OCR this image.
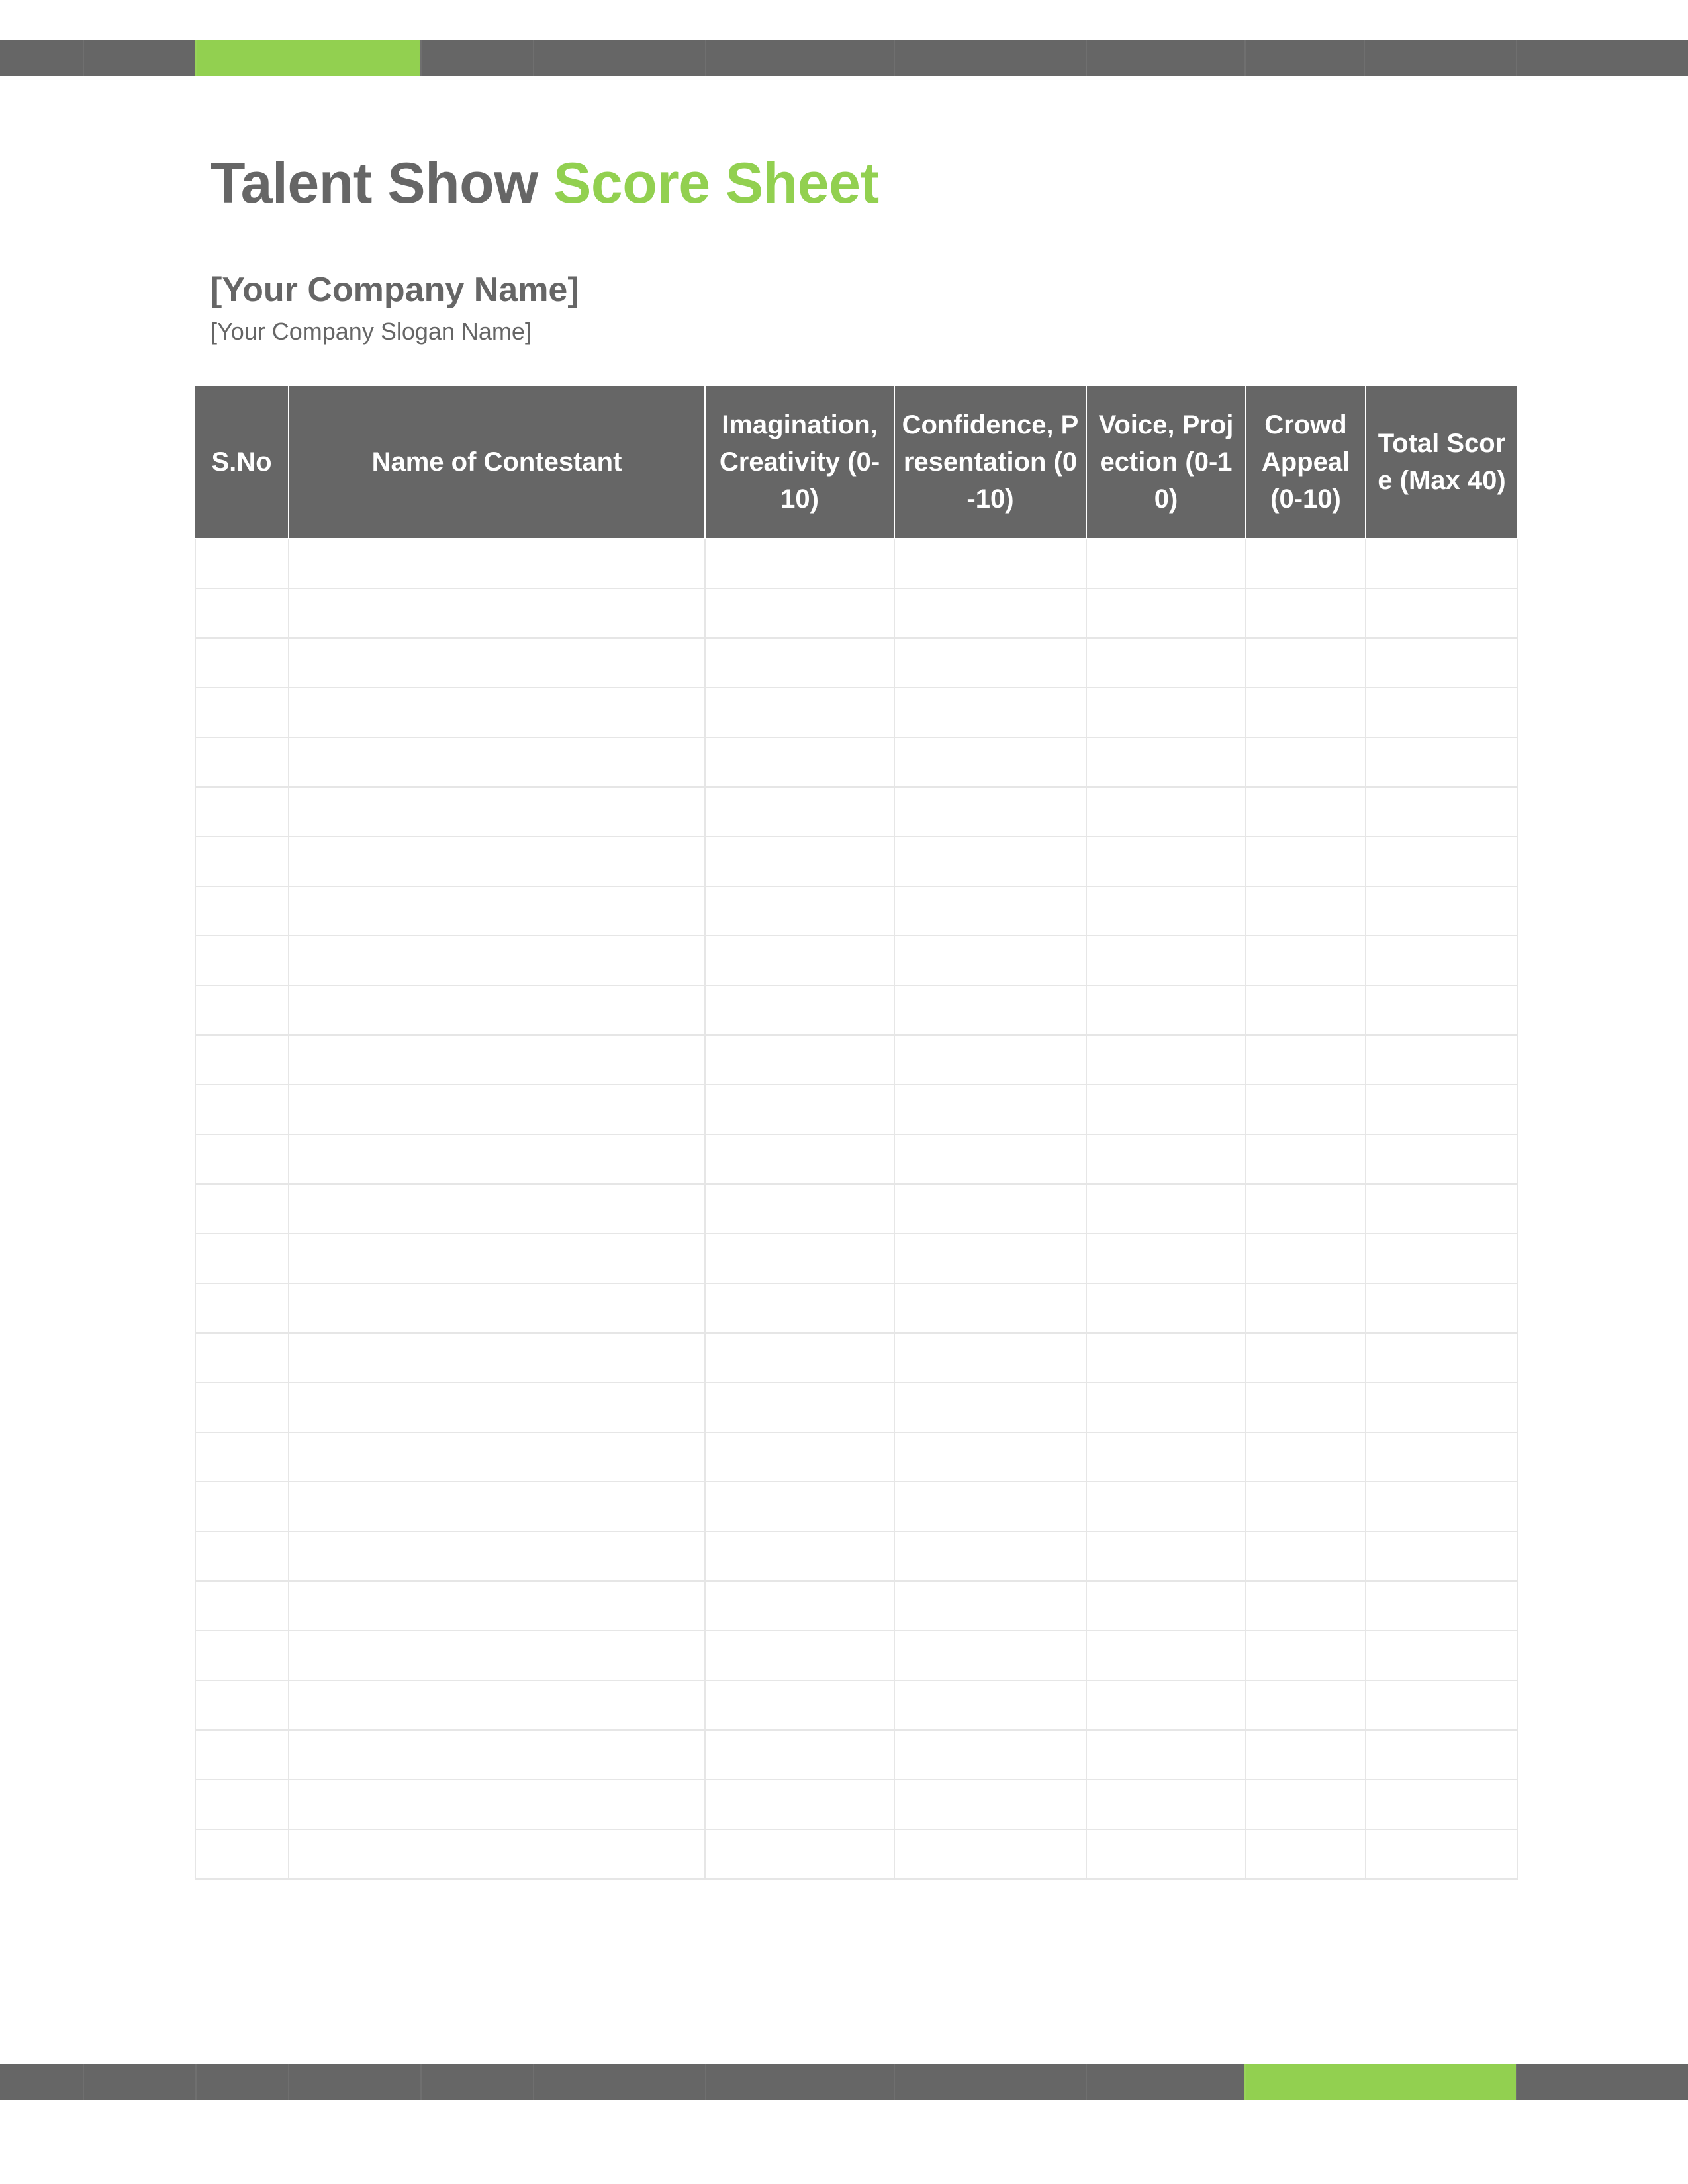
Talent Show Score Sheet

[Your Company Name]

[Your Company Slogan Name]

S.No	Name of Contestant	Imagination, Creativity (0-10)	Confidence, Presentation (0-10)	Voice, Projection (0-10)	Crowd Appeal (0-10)	Total Score (Max 40)
